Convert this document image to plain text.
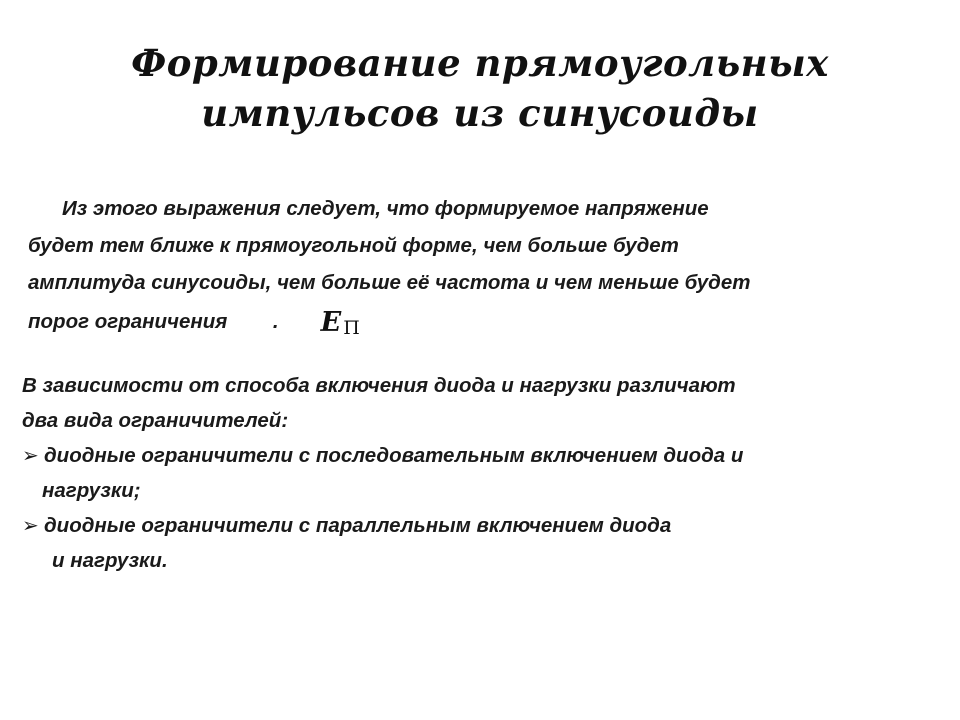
Формирование прямоугольных
импульсов из синусоиды
Из этого выражения следует, что формируемое напряжение
будет тем ближе к прямоугольной форме, чем больше будет
амплитуда синусоиды, чем больше её частота и чем меньше будет
порог ограничения        . E $_П$
В зависимости от способа включения диода и нагрузки различают
два вида ограничителей:
➢ диодные ограничители с последовательным включением диода и
нагрузки;
➢ диодные ограничители с параллельным включением диода
и нагрузки.
